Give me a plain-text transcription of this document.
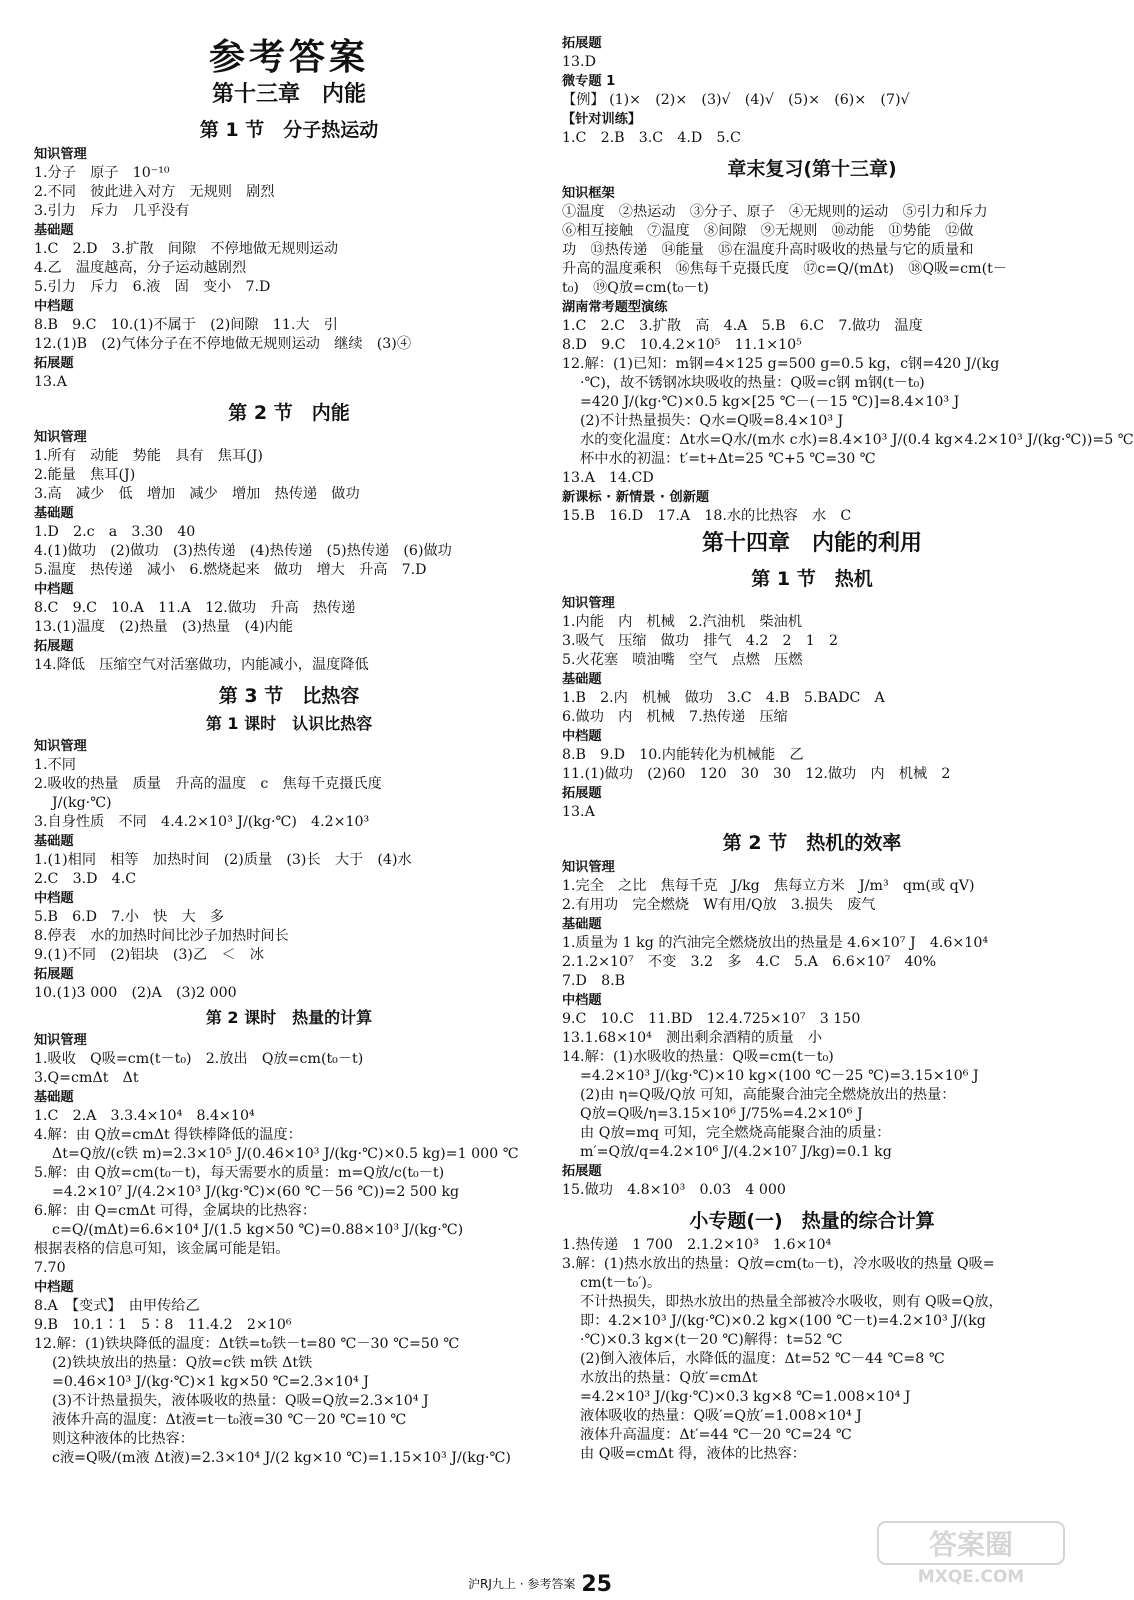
参考答案
第十三章　内能
第 1 节　分子热运动
知识管理
1.分子　原子　10⁻¹⁰
2.不同　彼此进入对方　无规则　剧烈
3.引力　斥力　几乎没有
基础题
1.C　2.D　3.扩散　间隙　不停地做无规则运动
4.乙　温度越高，分子运动越剧烈
5.引力　斥力　6.液　固　变小　7.D
中档题
8.B　9.C　10.(1)不属于　(2)间隙　11.大　引
12.(1)B　(2)气体分子在不停地做无规则运动　继续　(3)④
拓展题
13.A
第 2 节　内能
知识管理
1.所有　动能　势能　具有　焦耳(J)
2.能量　焦耳(J)
3.高　减少　低　增加　减少　增加　热传递　做功
基础题
1.D　2.c　a　3.30　40
4.(1)做功　(2)做功　(3)热传递　(4)热传递　(5)热传递　(6)做功
5.温度　热传递　减小　6.燃烧起来　做功　增大　升高　7.D
中档题
8.C　9.C　10.A　11.A　12.做功　升高　热传递
13.(1)温度　(2)热量　(3)热量　(4)内能
拓展题
14.降低　压缩空气对活塞做功，内能减小，温度降低
第 3 节　比热容
第 1 课时　认识比热容
知识管理
1.不同
2.吸收的热量　质量　升高的温度　c　焦每千克摄氏度
J/(kg·℃)
3.自身性质　不同　4.4.2×10³ J/(kg·℃)　4.2×10³
基础题
1.(1)相同　相等　加热时间　(2)质量　(3)长　大于　(4)水
2.C　3.D　4.C
中档题
5.B　6.D　7.小　快　大　多
8.停表　水的加热时间比沙子加热时间长
9.(1)不同　(2)铝块　(3)乙　＜　冰
拓展题
10.(1)3 000　(2)A　(3)2 000
第 2 课时　热量的计算
知识管理
1.吸收　Q吸=cm(t－t₀)　2.放出　Q放=cm(t₀－t)
3.Q=cmΔt　Δt
基础题
1.C　2.A　3.3.4×10⁴　8.4×10⁴
4.解：由 Q放=cmΔt 得铁棒降低的温度：
Δt=Q放/(c铁 m)=2.3×10⁵ J/(0.46×10³ J/(kg·℃)×0.5 kg)=1 000 ℃
5.解：由 Q放=cm(t₀－t)，每天需要水的质量：m=Q放/c(t₀－t)
=4.2×10⁷ J/(4.2×10³ J/(kg·℃)×(60 ℃－56 ℃))=2 500 kg
6.解：由 Q=cmΔt 可得，金属块的比热容：
c=Q/(mΔt)=6.6×10⁴ J/(1.5 kg×50 ℃)=0.88×10³ J/(kg·℃)
根据表格的信息可知，该金属可能是铝。
7.70
中档题
8.A　【变式】　由甲传给乙
9.B　10.1∶1　5∶8　11.4.2　2×10⁶
12.解：(1)铁块降低的温度：Δt铁=t₀铁－t=80 ℃－30 ℃=50 ℃
(2)铁块放出的热量：Q放=c铁 m铁 Δt铁
=0.46×10³ J/(kg·℃)×1 kg×50 ℃=2.3×10⁴ J
(3)不计热量损失，液体吸收的热量：Q吸=Q放=2.3×10⁴ J
液体升高的温度：Δt液=t－t₀液=30 ℃－20 ℃=10 ℃
则这种液体的比热容：
c液=Q吸/(m液 Δt液)=2.3×10⁴ J/(2 kg×10 ℃)=1.15×10³ J/(kg·℃)
拓展题
13.D
微专题 1
【例】 (1)×　(2)×　(3)√　(4)√　(5)×　(6)×　(7)√
【针对训练】
1.C　2.B　3.C　4.D　5.C
章末复习(第十三章)
知识框架
①温度　②热运动　③分子、原子　④无规则的运动　⑤引力和斥力
⑥相互接触　⑦温度　⑧间隙　⑨无规则　⑩动能　⑪势能　⑫做
功　⑬热传递　⑭能量　⑮在温度升高时吸收的热量与它的质量和
升高的温度乘积　⑯焦每千克摄氏度　⑰c=Q/(mΔt)　⑱Q吸=cm(t－
t₀)　⑲Q放=cm(t₀－t)
湖南常考题型演练
1.C　2.C　3.扩散　高　4.A　5.B　6.C　7.做功　温度
8.D　9.C　10.4.2×10⁵　11.1×10⁵
12.解：(1)已知：m钢=4×125 g=500 g=0.5 kg，c钢=420 J/(kg
·℃)，故不锈钢冰块吸收的热量：Q吸=c钢 m钢(t－t₀)
=420 J/(kg·℃)×0.5 kg×[25 ℃－(－15 ℃)]=8.4×10³ J
(2)不计热量损失：Q水=Q吸=8.4×10³ J
水的变化温度：Δt水=Q水/(m水 c水)=8.4×10³ J/(0.4 kg×4.2×10³ J/(kg·℃))=5 ℃
杯中水的初温：t′=t+Δt=25 ℃+5 ℃=30 ℃
13.A　14.CD
新课标 · 新情景 · 创新题
15.B　16.D　17.A　18.水的比热容　水　C
第十四章　内能的利用
第 1 节　热机
知识管理
1.内能　内　机械　2.汽油机　柴油机
3.吸气　压缩　做功　排气　4.2　2　1　2
5.火花塞　喷油嘴　空气　点燃　压燃
基础题
1.B　2.内　机械　做功　3.C　4.B　5.BADC　A
6.做功　内　机械　7.热传递　压缩
中档题
8.B　9.D　10.内能转化为机械能　乙
11.(1)做功　(2)60　120　30　30　12.做功　内　机械　2
拓展题
13.A
第 2 节　热机的效率
知识管理
1.完全　之比　焦每千克　J/kg　焦每立方米　J/m³　qm(或 qV)
2.有用功　完全燃烧　W有用/Q放　3.损失　废气
基础题
1.质量为 1 kg 的汽油完全燃烧放出的热量是 4.6×10⁷ J　4.6×10⁴
2.1.2×10⁷　不变　3.2　多　4.C　5.A　6.6×10⁷　40%
7.D　8.B
中档题
9.C　10.C　11.BD　12.4.725×10⁷　3 150
13.1.68×10⁴　测出剩余酒精的质量　小
14.解：(1)水吸收的热量：Q吸=cm(t－t₀)
=4.2×10³ J/(kg·℃)×10 kg×(100 ℃－25 ℃)=3.15×10⁶ J
(2)由 η=Q吸/Q放 可知，高能聚合油完全燃烧放出的热量：
Q放=Q吸/η=3.15×10⁶ J/75%=4.2×10⁶ J
由 Q放=mq 可知，完全燃烧高能聚合油的质量：
m′=Q放/q=4.2×10⁶ J/(4.2×10⁷ J/kg)=0.1 kg
拓展题
15.做功　4.8×10³　0.03　4 000
小专题(一)　热量的综合计算
1.热传递　1 700　2.1.2×10³　1.6×10⁴
3.解：(1)热水放出的热量：Q放=cm(t₀－t)，冷水吸收的热量 Q吸=
cm(t－t₀′)。
不计热损失，即热水放出的热量全部被冷水吸收，则有 Q吸=Q放，
即：4.2×10³ J/(kg·℃)×0.2 kg×(100 ℃－t)=4.2×10³ J/(kg
·℃)×0.3 kg×(t－20 ℃)解得：t=52 ℃
(2)倒入液体后，水降低的温度：Δt=52 ℃－44 ℃=8 ℃
水放出的热量：Q放′=cmΔt
=4.2×10³ J/(kg·℃)×0.3 kg×8 ℃=1.008×10⁴ J
液体吸收的热量：Q吸′=Q放′=1.008×10⁴ J
液体升高温度：Δt′=44 ℃－20 ℃=24 ℃
由 Q吸=cmΔt 得，液体的比热容：
沪RJ九上 · 参考答案 25
答案圈
MXQE.COM
